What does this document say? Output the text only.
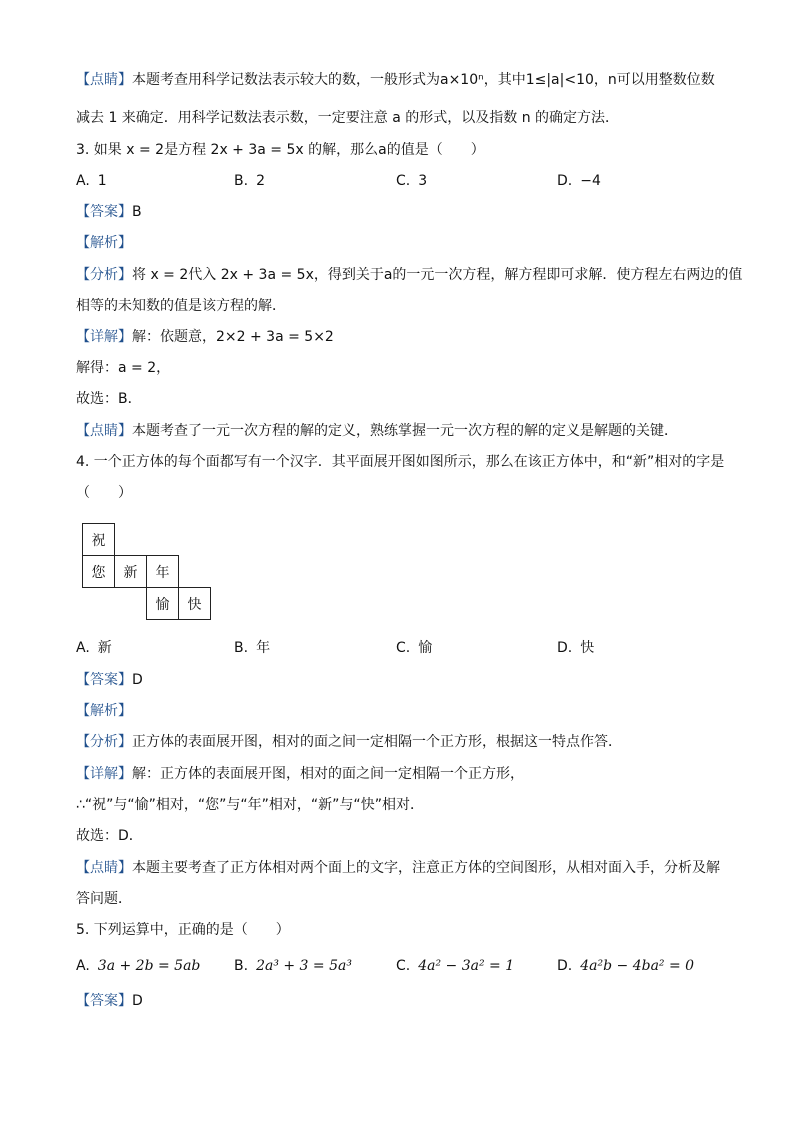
【点睛】本题考查用科学记数法表示较大的数，一般形式为a×10ⁿ，其中1≤|a|<10，n可以用整数位数
减去 1 来确定．用科学记数法表示数，一定要注意 a 的形式，以及指数 n 的确定方法．
3. 如果 x = 2是方程 2x + 3a = 5x 的解，那么a的值是（　　）
A. 1	B. 2	C. 3	D. −4
【答案】B
【解析】
【分析】将 x = 2代入 2x + 3a = 5x，得到关于a的一元一次方程，解方程即可求解．使方程左右两边的值
相等的未知数的值是该方程的解．
【详解】解：依题意，2×2 + 3a = 5×2
解得：a = 2，
故选：B．
【点睛】本题考查了一元一次方程的解的定义，熟练掌握一元一次方程的解的定义是解题的关键．
4. 一个正方体的每个面都写有一个汉字．其平面展开图如图所示，那么在该正方体中，和“新”相对的字是
（　　）
祝
您	新	年
愉	快
A. 新	B. 年	C. 愉	D. 快
【答案】D
【解析】
【分析】正方体的表面展开图，相对的面之间一定相隔一个正方形，根据这一特点作答．
【详解】解：正方体的表面展开图，相对的面之间一定相隔一个正方形，
∴“祝”与“愉”相对，“您”与“年”相对，“新”与“快”相对．
故选：D．
【点睛】本题主要考查了正方体相对两个面上的文字，注意正方体的空间图形，从相对面入手，分析及解
答问题．
5. 下列运算中，正确的是（　　）
A. 3a + 2b = 5ab B. 2a³ + 3 = 5a³	C. 4a² − 3a² = 1	D. 4a²b − 4ba² = 0
【答案】D
